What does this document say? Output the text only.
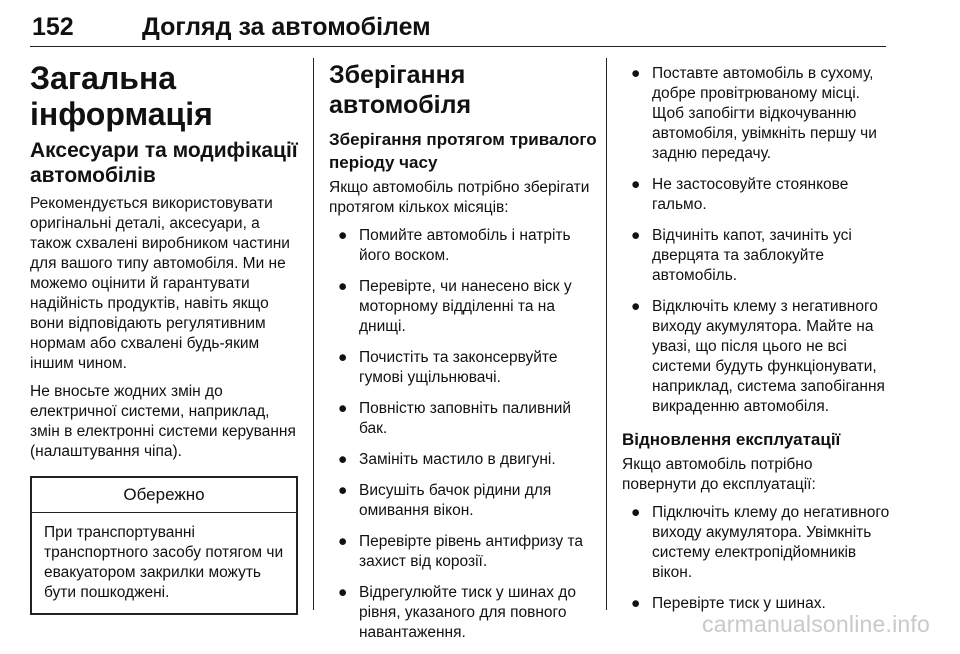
152	Догляд за автомобілем
Загальна інформація
Аксесуари та модифікації автомобілів
Рекомендується використовувати оригінальні деталі, аксесуари, а також схвалені виробником частини для вашого типу автомобіля. Ми не можемо оцінити й гарантувати надійність продуктів, навіть якщо вони відповідають регулятивним нормам або схвалені будь-яким іншим чином.
Не вносьте жодних змін до електричної системи, наприклад, змін в електронні системи керування (налаштування чіпа).
Обережно
При транспортуванні транспортного засобу потягом чи евакуатором закрилки можуть бути пошкоджені.
Зберігання автомобіля
Зберігання протягом тривалого періоду часу
Якщо автомобіль потрібно зберігати протягом кількох місяців:
● Помийте автомобіль і натріть його воском.
● Перевірте, чи нанесено віск у моторному відділенні та на днищі.
● Почистіть та законсервуйте гумові ущільнювачі.
● Повністю заповніть паливний бак.
● Замініть мастило в двигуні.
● Висушіть бачок рідини для омивання вікон.
● Перевірте рівень антифризу та захист від корозії.
● Відрегулюйте тиск у шинах до рівня, указаного для повного навантаження.
● Поставте автомобіль в сухому, добре провітрюваному місці. Щоб запобігти відкочуванню автомобіля, увімкніть першу чи задню передачу.
● Не застосовуйте стоянкове гальмо.
● Відчиніть капот, зачиніть усі дверцята та заблокуйте автомобіль.
● Відключіть клему з негативного виходу акумулятора. Майте на увазі, що після цього не всі системи будуть функціонувати, наприклад, система запобігання викраденню автомобіля.
Відновлення експлуатації
Якщо автомобіль потрібно повернути до експлуатації:
● Підключіть клему до негативного виходу акумулятора. Увімкніть систему електропідйомників вікон.
● Перевірте тиск у шинах.
carmanualsonline.info
